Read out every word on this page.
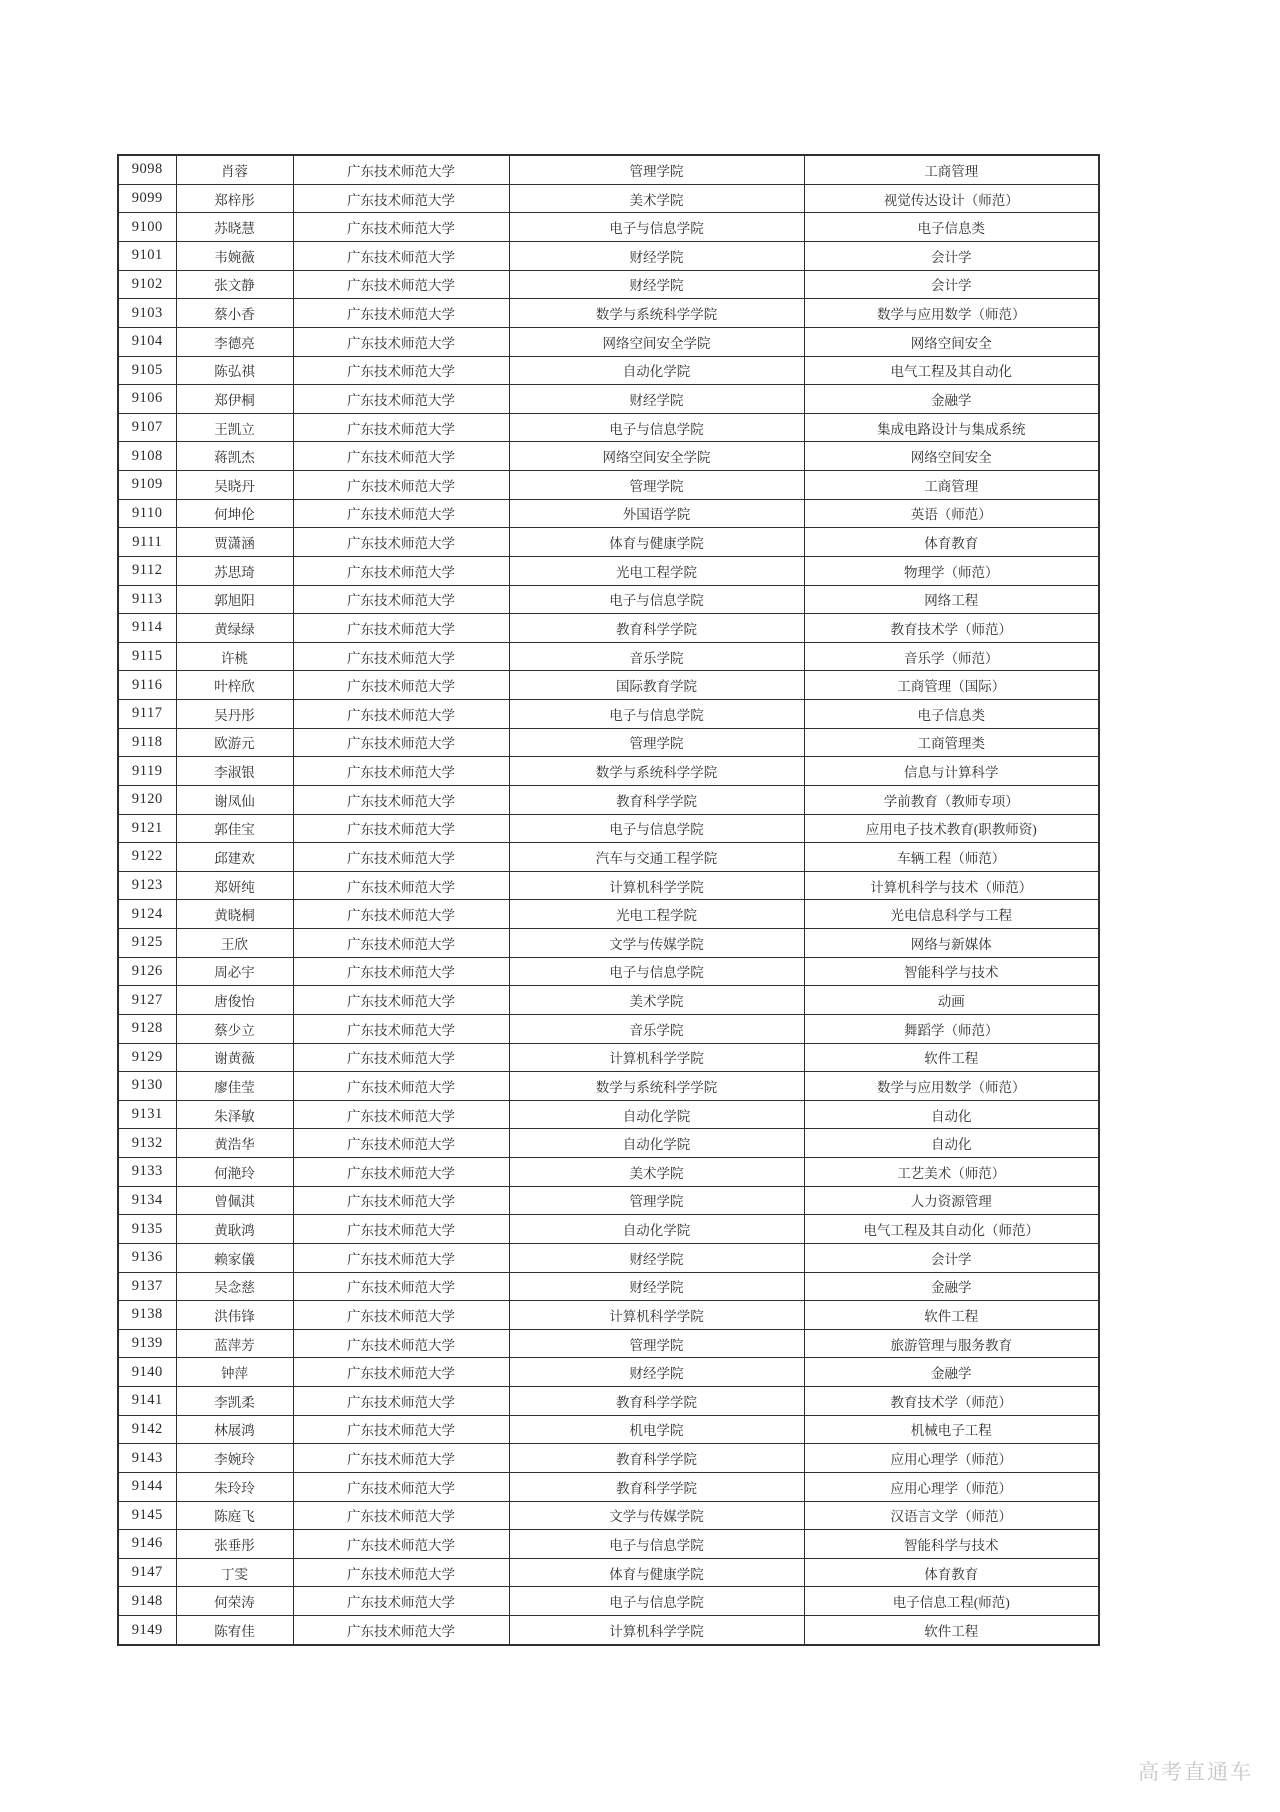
9098	肖蓉	广东技术师范大学	管理学院	工商管理
9099	郑梓彤	广东技术师范大学	美术学院	视觉传达设计（师范）
9100	苏晓慧	广东技术师范大学	电子与信息学院	电子信息类
9101	韦婉薇	广东技术师范大学	财经学院	会计学
9102	张文静	广东技术师范大学	财经学院	会计学
9103	蔡小香	广东技术师范大学	数学与系统科学学院	数学与应用数学（师范）
9104	李德亮	广东技术师范大学	网络空间安全学院	网络空间安全
9105	陈弘祺	广东技术师范大学	自动化学院	电气工程及其自动化
9106	郑伊桐	广东技术师范大学	财经学院	金融学
9107	王凯立	广东技术师范大学	电子与信息学院	集成电路设计与集成系统
9108	蒋凯杰	广东技术师范大学	网络空间安全学院	网络空间安全
9109	吴晓丹	广东技术师范大学	管理学院	工商管理
9110	何坤伦	广东技术师范大学	外国语学院	英语（师范）
9111	贾潇涵	广东技术师范大学	体育与健康学院	体育教育
9112	苏思琦	广东技术师范大学	光电工程学院	物理学（师范）
9113	郭旭阳	广东技术师范大学	电子与信息学院	网络工程
9114	黄绿绿	广东技术师范大学	教育科学学院	教育技术学（师范）
9115	许桃	广东技术师范大学	音乐学院	音乐学（师范）
9116	叶梓欣	广东技术师范大学	国际教育学院	工商管理（国际）
9117	吴丹彤	广东技术师范大学	电子与信息学院	电子信息类
9118	欧游元	广东技术师范大学	管理学院	工商管理类
9119	李淑银	广东技术师范大学	数学与系统科学学院	信息与计算科学
9120	谢凤仙	广东技术师范大学	教育科学学院	学前教育（教师专项）
9121	郭佳宝	广东技术师范大学	电子与信息学院	应用电子技术教育(职教师资)
9122	邱建欢	广东技术师范大学	汽车与交通工程学院	车辆工程（师范）
9123	郑妍纯	广东技术师范大学	计算机科学学院	计算机科学与技术（师范）
9124	黄晓桐	广东技术师范大学	光电工程学院	光电信息科学与工程
9125	王欣	广东技术师范大学	文学与传媒学院	网络与新媒体
9126	周必宇	广东技术师范大学	电子与信息学院	智能科学与技术
9127	唐俊怡	广东技术师范大学	美术学院	动画
9128	蔡少立	广东技术师范大学	音乐学院	舞蹈学（师范）
9129	谢黄薇	广东技术师范大学	计算机科学学院	软件工程
9130	廖佳莹	广东技术师范大学	数学与系统科学学院	数学与应用数学（师范）
9131	朱泽敏	广东技术师范大学	自动化学院	自动化
9132	黄浩华	广东技术师范大学	自动化学院	自动化
9133	何滟玲	广东技术师范大学	美术学院	工艺美术（师范）
9134	曾佩淇	广东技术师范大学	管理学院	人力资源管理
9135	黄耿鸿	广东技术师范大学	自动化学院	电气工程及其自动化（师范）
9136	赖家儀	广东技术师范大学	财经学院	会计学
9137	吴念慈	广东技术师范大学	财经学院	金融学
9138	洪伟锋	广东技术师范大学	计算机科学学院	软件工程
9139	蓝萍芳	广东技术师范大学	管理学院	旅游管理与服务教育
9140	钟萍	广东技术师范大学	财经学院	金融学
9141	李凯柔	广东技术师范大学	教育科学学院	教育技术学（师范）
9142	林展鸿	广东技术师范大学	机电学院	机械电子工程
9143	李婉玲	广东技术师范大学	教育科学学院	应用心理学（师范）
9144	朱玲玲	广东技术师范大学	教育科学学院	应用心理学（师范）
9145	陈庭飞	广东技术师范大学	文学与传媒学院	汉语言文学（师范）
9146	张垂彤	广东技术师范大学	电子与信息学院	智能科学与技术
9147	丁雯	广东技术师范大学	体育与健康学院	体育教育
9148	何荣涛	广东技术师范大学	电子与信息学院	电子信息工程(师范)
9149	陈宥佳	广东技术师范大学	计算机科学学院	软件工程
高考直通车
